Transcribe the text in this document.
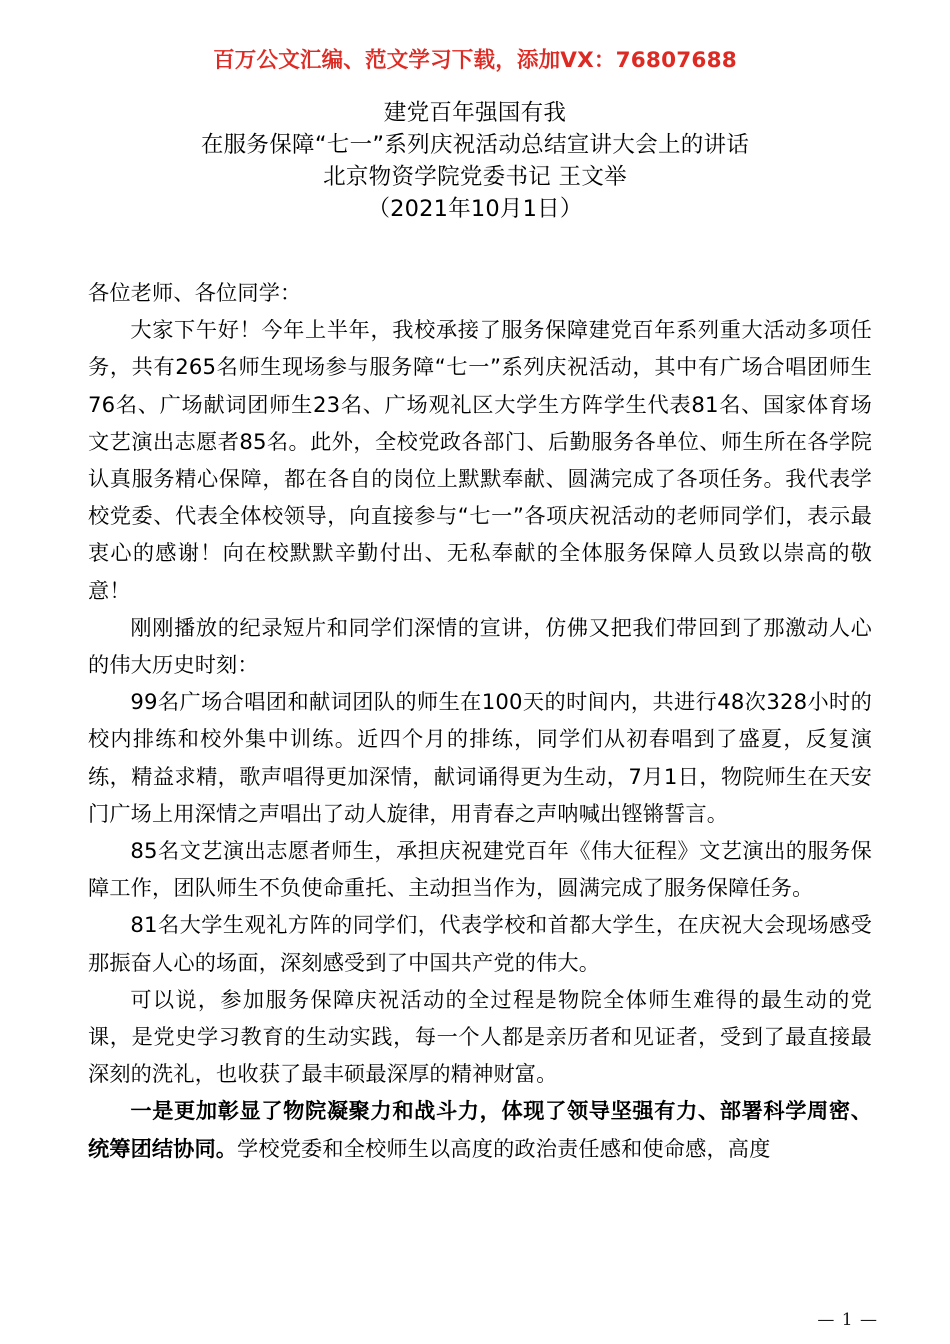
百万公文汇编、范文学习下载，添加VX：76807688
建党百年强国有我
在服务保障“七一”系列庆祝活动总结宣讲大会上的讲话
北京物资学院党委书记 王文举
（2021年10月1日）

各位老师、各位同学：

大家下午好！今年上半年，我校承接了服务保障建党百年系列重大活动多项任务，共有265名师生现场参与服务障“七一”系列庆祝活动，其中有广场合唱团师生76名、广场献词团师生23名、广场观礼区大学生方阵学生代表81名、国家体育场文艺演出志愿者85名。此外，全校党政各部门、后勤服务各单位、师生所在各学院认真服务精心保障，都在各自的岗位上默默奉献、圆满完成了各项任务。我代表学校党委、代表全体校领导，向直接参与“七一”各项庆祝活动的老师同学们，表示最衷心的感谢！向在校默默辛勤付出、无私奉献的全体服务保障人员致以崇高的敬意！

刚刚播放的纪录短片和同学们深情的宣讲，仿佛又把我们带回到了那激动人心的伟大历史时刻：

99名广场合唱团和献词团队的师生在100天的时间内，共进行48次328小时的校内排练和校外集中训练。近四个月的排练，同学们从初春唱到了盛夏，反复演练，精益求精，歌声唱得更加深情，献词诵得更为生动，7月1日，物院师生在天安门广场上用深情之声唱出了动人旋律，用青春之声呐喊出铿锵誓言。

85名文艺演出志愿者师生，承担庆祝建党百年《伟大征程》文艺演出的服务保障工作，团队师生不负使命重托、主动担当作为，圆满完成了服务保障任务。

81名大学生观礼方阵的同学们，代表学校和首都大学生，在庆祝大会现场感受那振奋人心的场面，深刻感受到了中国共产党的伟大。

可以说，参加服务保障庆祝活动的全过程是物院全体师生难得的最生动的党课，是党史学习教育的生动实践，每一个人都是亲历者和见证者，受到了最直接最深刻的洗礼，也收获了最丰硕最深厚的精神财富。

一是更加彰显了物院凝聚力和战斗力，体现了领导坚强有力、部署科学周密、统筹团结协同。学校党委和全校师生以高度的政治责任感和使命感，高度

— 1 —
